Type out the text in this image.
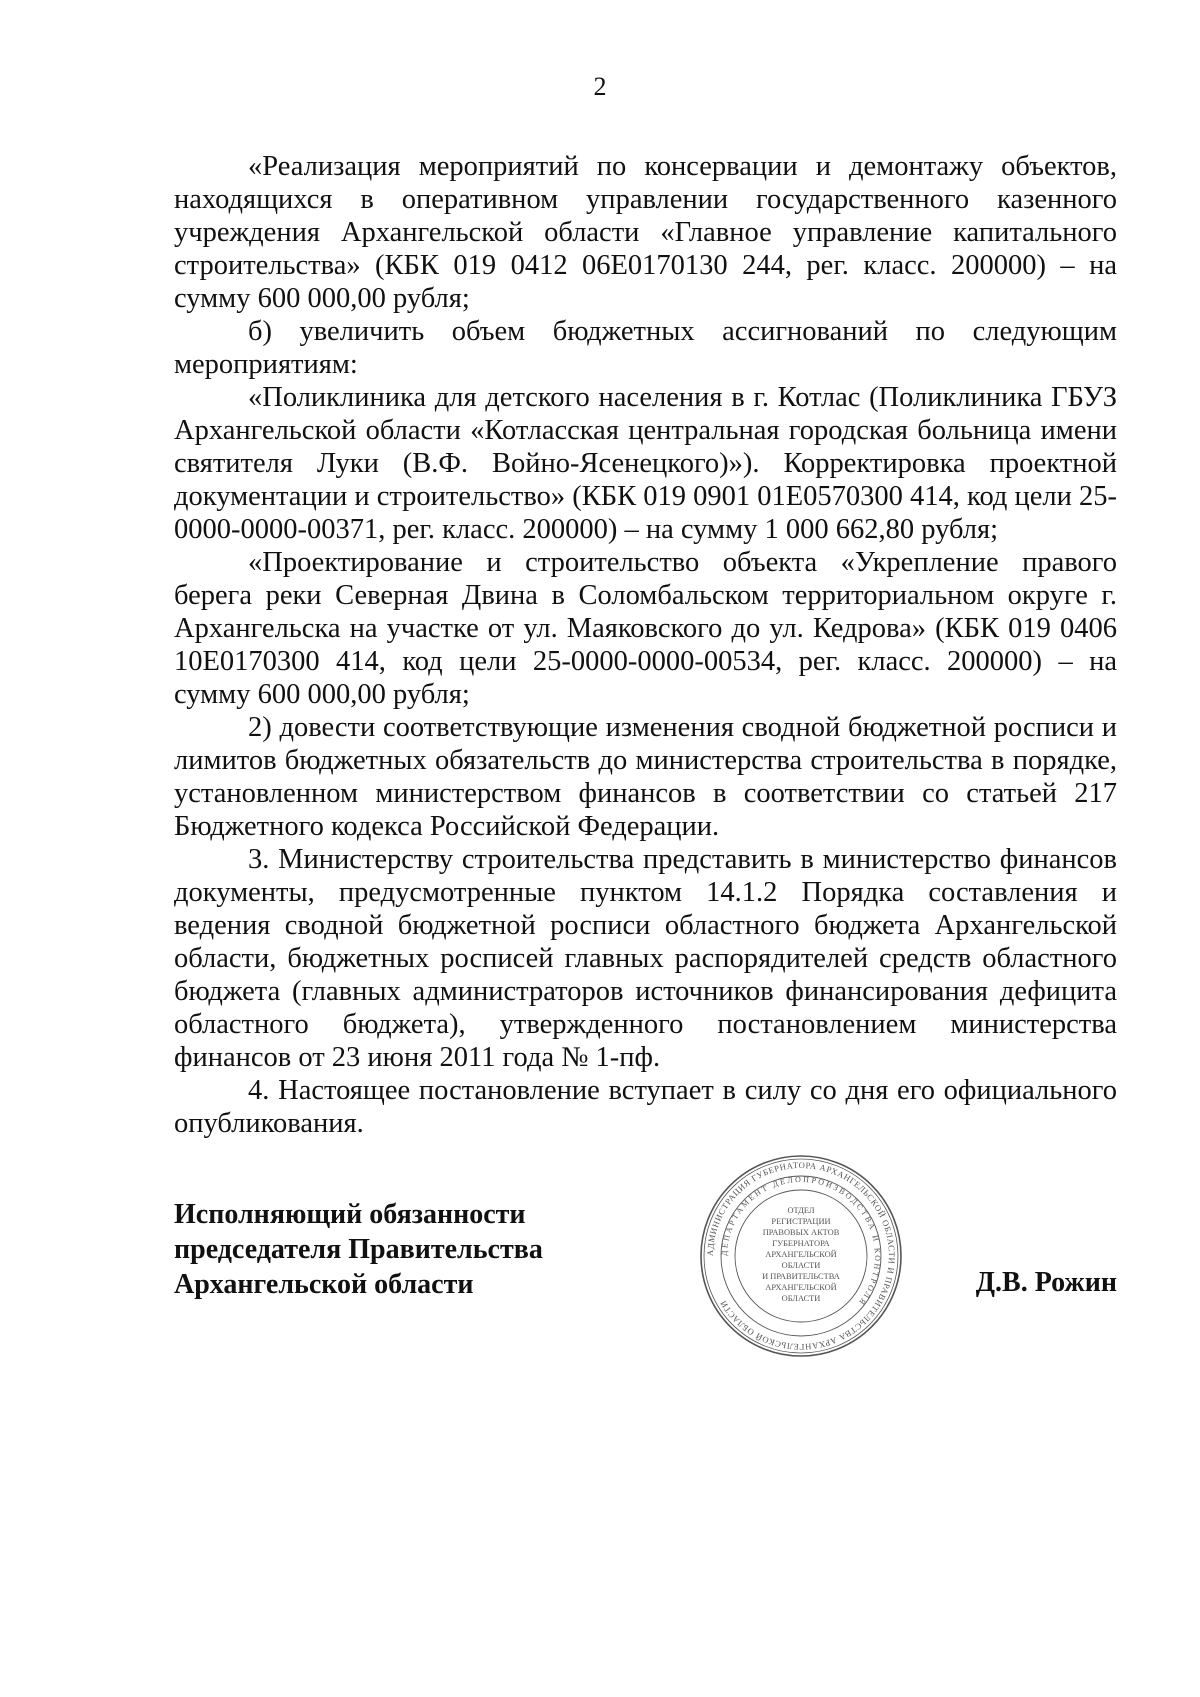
2

«Реализация мероприятий по консервации и демонтажу объектов, находящихся в оперативном управлении государственного казенного учреждения Архангельской области «Главное управление капитального строительства» (КБК 019 0412 06Е0170130 244, рег. класс. 200000) – на сумму 600 000,00 рубля;

б) увеличить объем бюджетных ассигнований по следующим мероприятиям:

«Поликлиника для детского населения в г. Котлас (Поликлиника ГБУЗ Архангельской области «Котласская центральная городская больница имени святителя Луки (В.Ф. Войно-Ясенецкого)»). Корректировка проектной документации и строительство» (КБК 019 0901 01Е0570300 414, код цели 25-0000-0000-00371, рег. класс. 200000) – на сумму 1 000 662,80 рубля;

«Проектирование и строительство объекта «Укрепление правого берега реки Северная Двина в Соломбальском территориальном округе г. Архангельска на участке от ул. Маяковского до ул. Кедрова» (КБК 019 0406 10Е0170300 414, код цели 25-0000-0000-00534, рег. класс. 200000) – на сумму 600 000,00 рубля;

2) довести соответствующие изменения сводной бюджетной росписи и лимитов бюджетных обязательств до министерства строительства в порядке, установленном министерством финансов в соответствии со статьей 217 Бюджетного кодекса Российской Федерации.

3. Министерству строительства представить в министерство финансов документы, предусмотренные пунктом 14.1.2 Порядка составления и ведения сводной бюджетной росписи областного бюджета Архангельской области, бюджетных росписей главных распорядителей средств областного бюджета (главных администраторов источников финансирования дефицита областного бюджета), утвержденного постановлением министерства финансов от 23 июня 2011 года № 1-пф.

4. Настоящее постановление вступает в силу со дня его официального опубликования.

Исполняющий обязанности
председателя Правительства
Архангельской области	Д.В. Рожин
АДМИНИСТРАЦИЯ ГУБЕРНАТОРА АРХАНГЕЛЬСКОЙ ОБЛАСТИ И ПРАВИТЕЛЬСТВА АРХАНГЕЛЬСКОЙ ОБЛАСТИ
ДЕПАРТАМЕНТ ДЕЛОПРОИЗВОДСТВА И КОНТРОЛЯ
ОТДЕЛ
РЕГИСТРАЦИИ
ПРАВОВЫХ АКТОВ
ГУБЕРНАТОРА
АРХАНГЕЛЬСКОЙ
ОБЛАСТИ
И ПРАВИТЕЛЬСТВА
АРХАНГЕЛЬСКОЙ
ОБЛАСТИ
